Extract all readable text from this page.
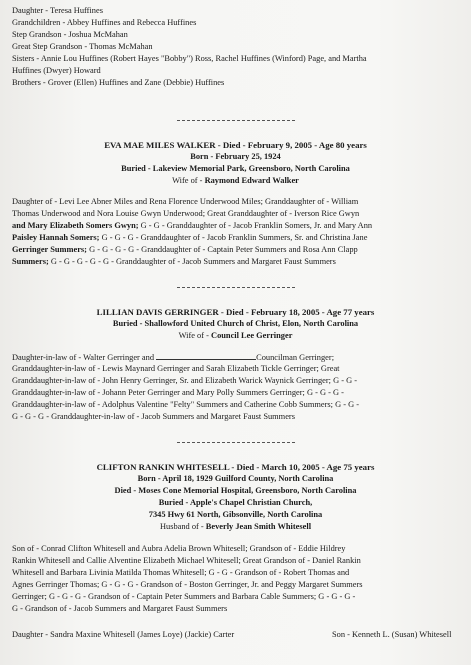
Daughter - Teresa Huffines
Grandchildren - Abbey Huffines and Rebecca Huffines
Step Grandson - Joshua McMahan
Great Step Grandson - Thomas McMahan
Sisters - Annie Lou Huffines (Robert Hayes "Bobby") Ross, Rachel Huffines (Winford) Page, and Martha
Huffines (Dwyer) Howard
Brothers - Grover (Ellen) Huffines and Zane (Debbie) Huffines
EVA MAE MILES WALKER - Died - February 9, 2005 - Age 80 years
Born - February 25, 1924
Buried - Lakeview Memorial Park, Greensboro, North Carolina
Wife of - Raymond Edward Walker
Daughter of - Levi Lee Abner Miles and Rena Florence Underwood Miles; Granddaughter of - William
Thomas Underwood and Nora Louise Gwyn Underwood; Great Granddaughter of - Iverson Rice Gwyn
and Mary Elizabeth Somers Gwyn; G - G - Granddaughter of - Jacob Franklin Somers, Jr. and Mary Ann
Paisley Hannah Somers; G - G - G - Granddaughter of - Jacob Franklin Summers, Sr. and Christina Jane
Gerringer Summers; G - G - G - G - Granddaughter of - Captain Peter Summers and Rosa Ann Clapp
Summers; G - G - G - G - G - Granddaughter of - Jacob Summers and Margaret Faust Summers
LILLIAN DAVIS GERRINGER - Died - February 18, 2005 - Age 77 years
Buried - Shallowford United Church of Christ, Elon, North Carolina
Wife of - Council Lee Gerringer
Daughter-in-law of - Walter Gerringer and	Councilman Gerringer;
Granddaughter-in-law of - Lewis Maynard Gerringer and Sarah Elizabeth Tickle Gerringer; Great
Granddaughter-in-law of - John Henry Gerringer, Sr. and Elizabeth Warick Waynick Gerringer; G - G -
Granddaughter-in-law of - Johann Peter Gerringer and Mary Polly Summers Gerringer; G - G - G -
Granddaughter-in-law of - Adolphus Valentine "Felty" Summers and Catherine Cobb Summers; G - G -
G - G - G - Granddaughter-in-law of - Jacob Summers and Margaret Faust Summers
CLIFTON RANKIN WHITESELL - Died - March 10, 2005 - Age 75 years
Born - April 18, 1929 Guilford County, North Carolina
Died - Moses Cone Memorial Hospital, Greensboro, North Carolina
Buried - Apple's Chapel Christian Church,
7345 Hwy 61 North, Gibsonville, North Carolina
Husband of - Beverly Jean Smith Whitesell
Son of - Conrad Clifton Whitesell and Aubra Adelia Brown Whitesell; Grandson of - Eddie Hildrey
Rankin Whitesell and Callie Alventine Elizabeth Michael Whitesell; Great Grandson of - Daniel Rankin
Whitesell and Barbara Livinia Matilda Thomas Whitesell; G - G - Grandson of - Robert Thomas and
Agnes Gerringer Thomas; G - G - G - Grandson of - Boston Gerringer, Jr. and Peggy Margaret Summers
Gerringer; G - G - G - Grandson of - Captain Peter Summers and Barbara Cable Summers; G - G - G -
G - Grandson of - Jacob Summers and Margaret Faust Summers
Daughter - Sandra Maxine Whitesell (James Loye) (Jackie) Carter	Son - Kenneth L. (Susan) Whitesell
